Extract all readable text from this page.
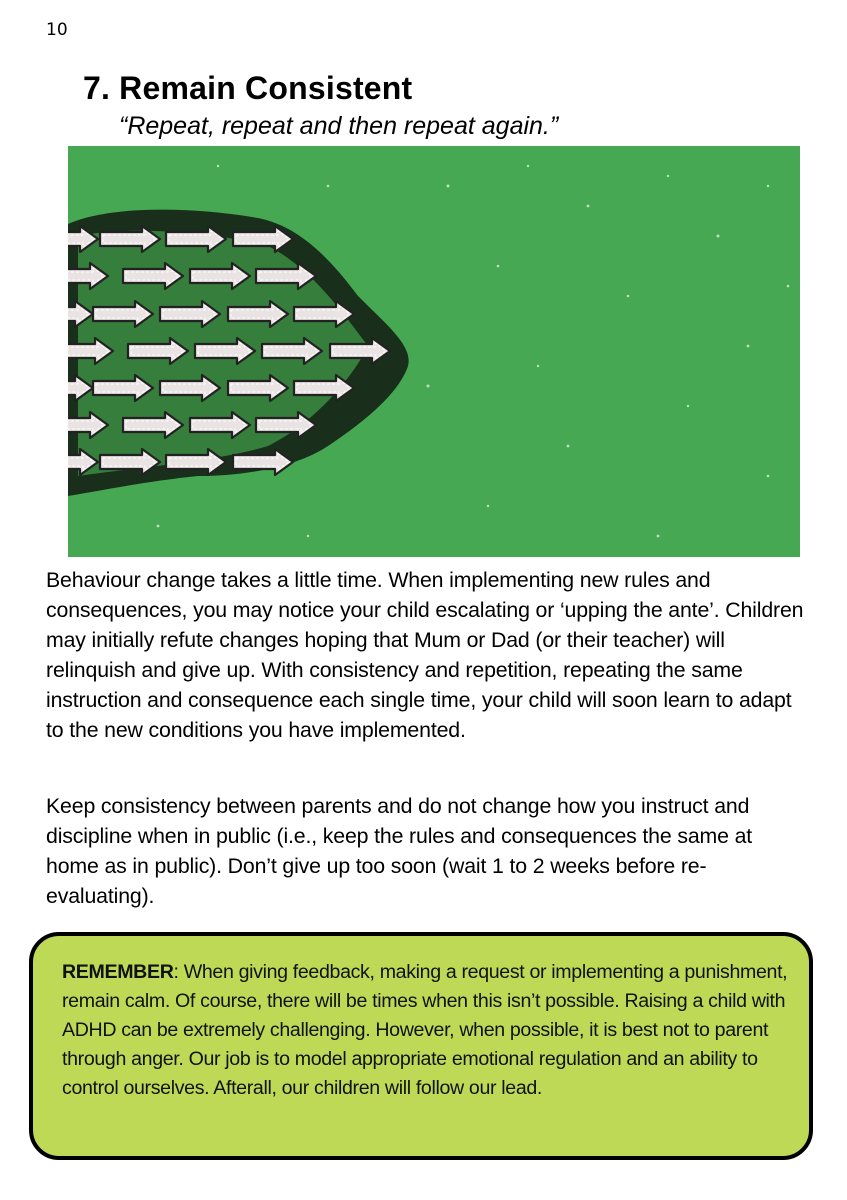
10
7. Remain Consistent

“Repeat, repeat and then repeat again.”

Behaviour change takes a little time. When implementing new rules and consequences, you may notice your child escalating or ‘upping the ante’. Children may initially refute changes hoping that Mum or Dad (or their teacher) will relinquish and give up. With consistency and repetition, repeating the same instruction and consequence each single time, your child will soon learn to adapt to the new conditions you have implemented.

Keep consistency between parents and do not change how you instruct and discipline when in public (i.e., keep the rules and consequences the same at home as in public). Don’t give up too soon (wait 1 to 2 weeks before re-evaluating).

REMEMBER: When giving feedback, making a request or implementing a punishment, remain calm. Of course, there will be times when this isn’t possible. Raising a child with ADHD can be extremely challenging. However, when possible, it is best not to parent through anger. Our job is to model appropriate emotional regulation and an ability to control ourselves. Afterall, our children will follow our lead.
